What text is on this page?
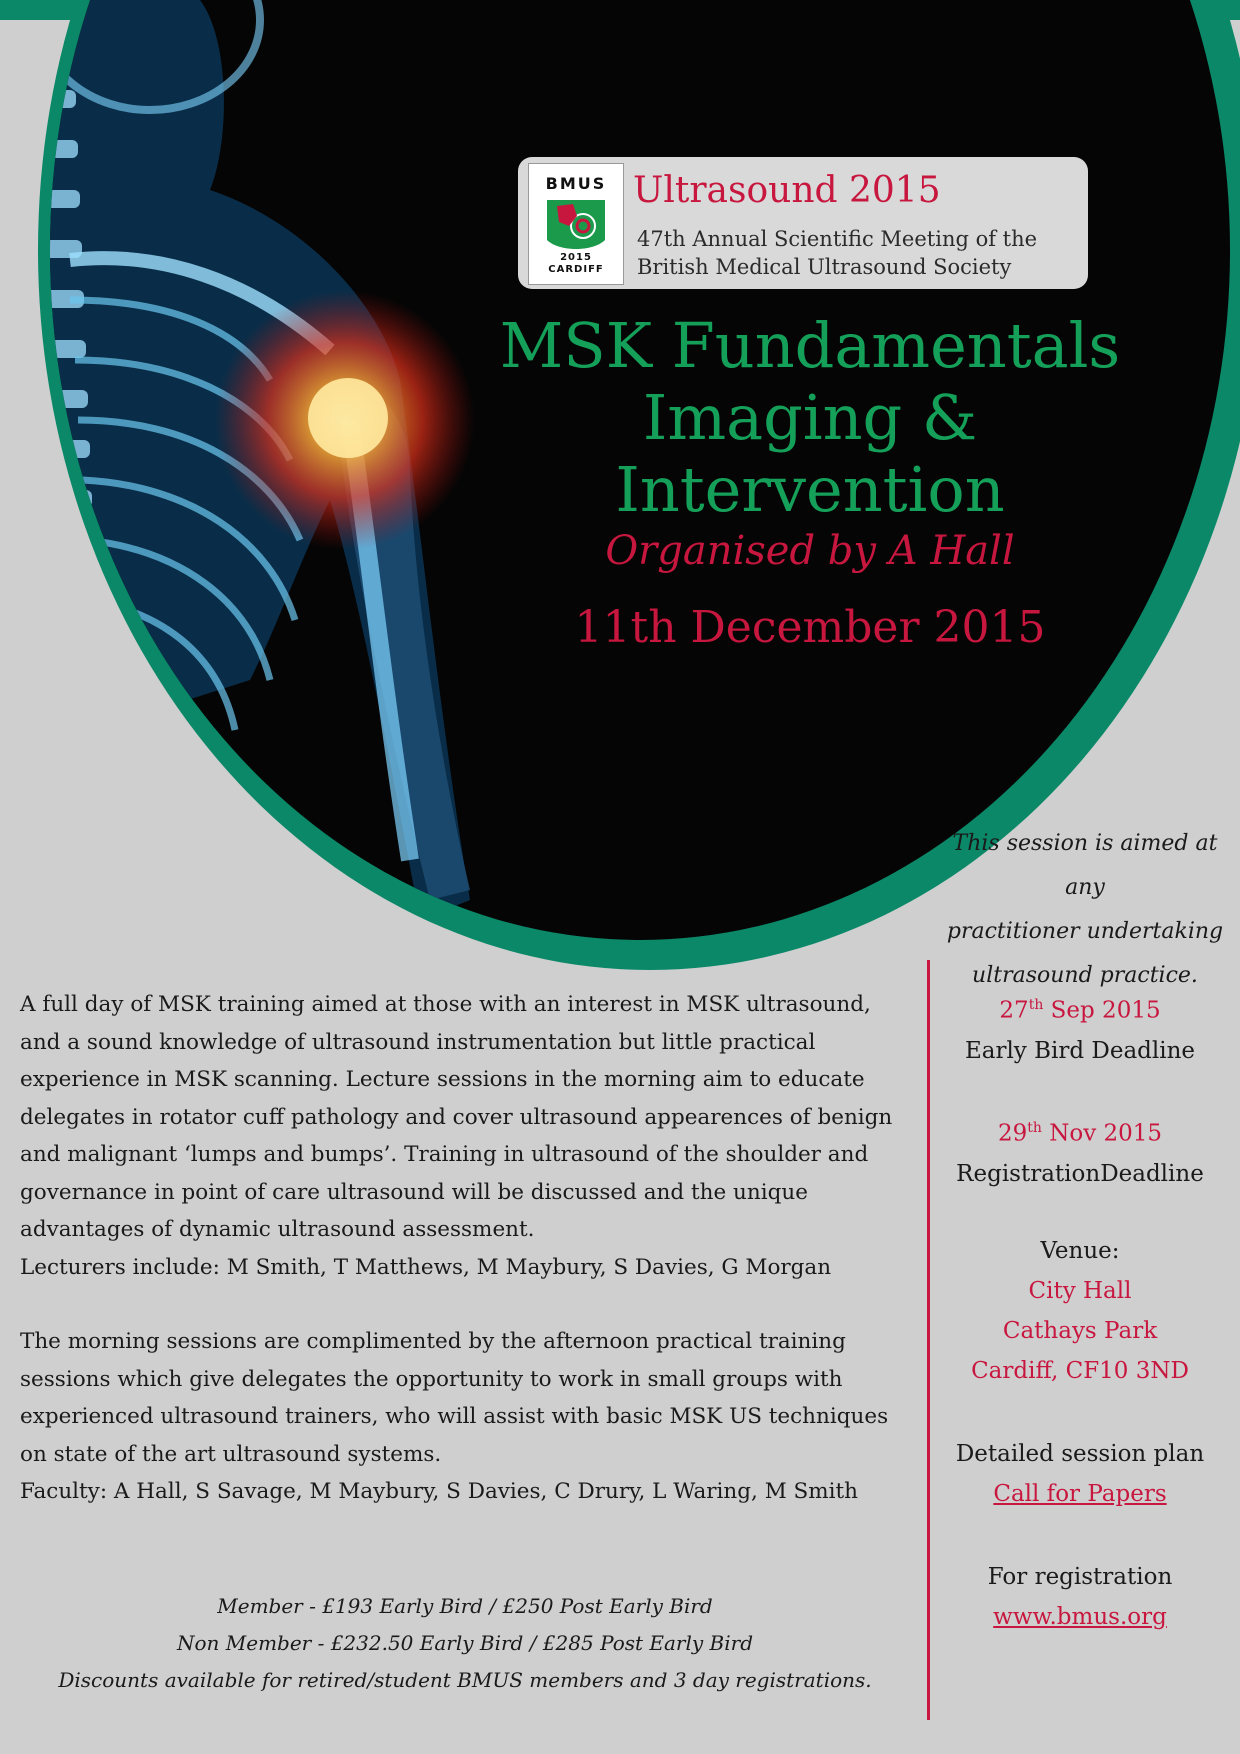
BMUS
2015
CARDIFF
Ultrasound 2015
47th Annual Scientific Meeting of the
British Medical Ultrasound Society
MSK Fundamentals
Imaging & Intervention
Organised by A Hall
11th December 2015
This session is aimed at any
practitioner undertaking
ultrasound practice.

A full day of MSK training aimed at those with an interest in MSK ultrasound, and a sound knowledge of ultrasound instrumentation but little practical experience in MSK scanning. Lecture sessions in the morning aim to educate delegates in rotator cuff pathology and cover ultrasound appearences of benign and malignant ‘lumps and bumps’. Training in ultrasound of the shoulder and governance in point of care ultrasound will be discussed and the unique advantages of dynamic ultrasound assessment.

Lecturers include: M Smith, T Matthews, M Maybury, S Davies, G Morgan

The morning sessions are complimented by the afternoon practical training sessions which give delegates the opportunity to work in small groups with experienced ultrasound trainers, who will assist with basic MSK US techniques on state of the art ultrasound systems.

Faculty: A Hall, S Savage, M Maybury, S Davies, C Drury, L Waring, M Smith

Member - £193 Early Bird / £250 Post Early Bird

Non Member - £232.50 Early Bird / £285 Post Early Bird

Discounts available for retired/student BMUS members and 3 day registrations.

27th Sep 2015
Early Bird Deadline
29th Nov 2015
RegistrationDeadline
Venue:
City Hall
Cathays Park
Cardiff, CF10 3ND
Detailed session plan
Call for Papers
For registration
www.bmus.org
